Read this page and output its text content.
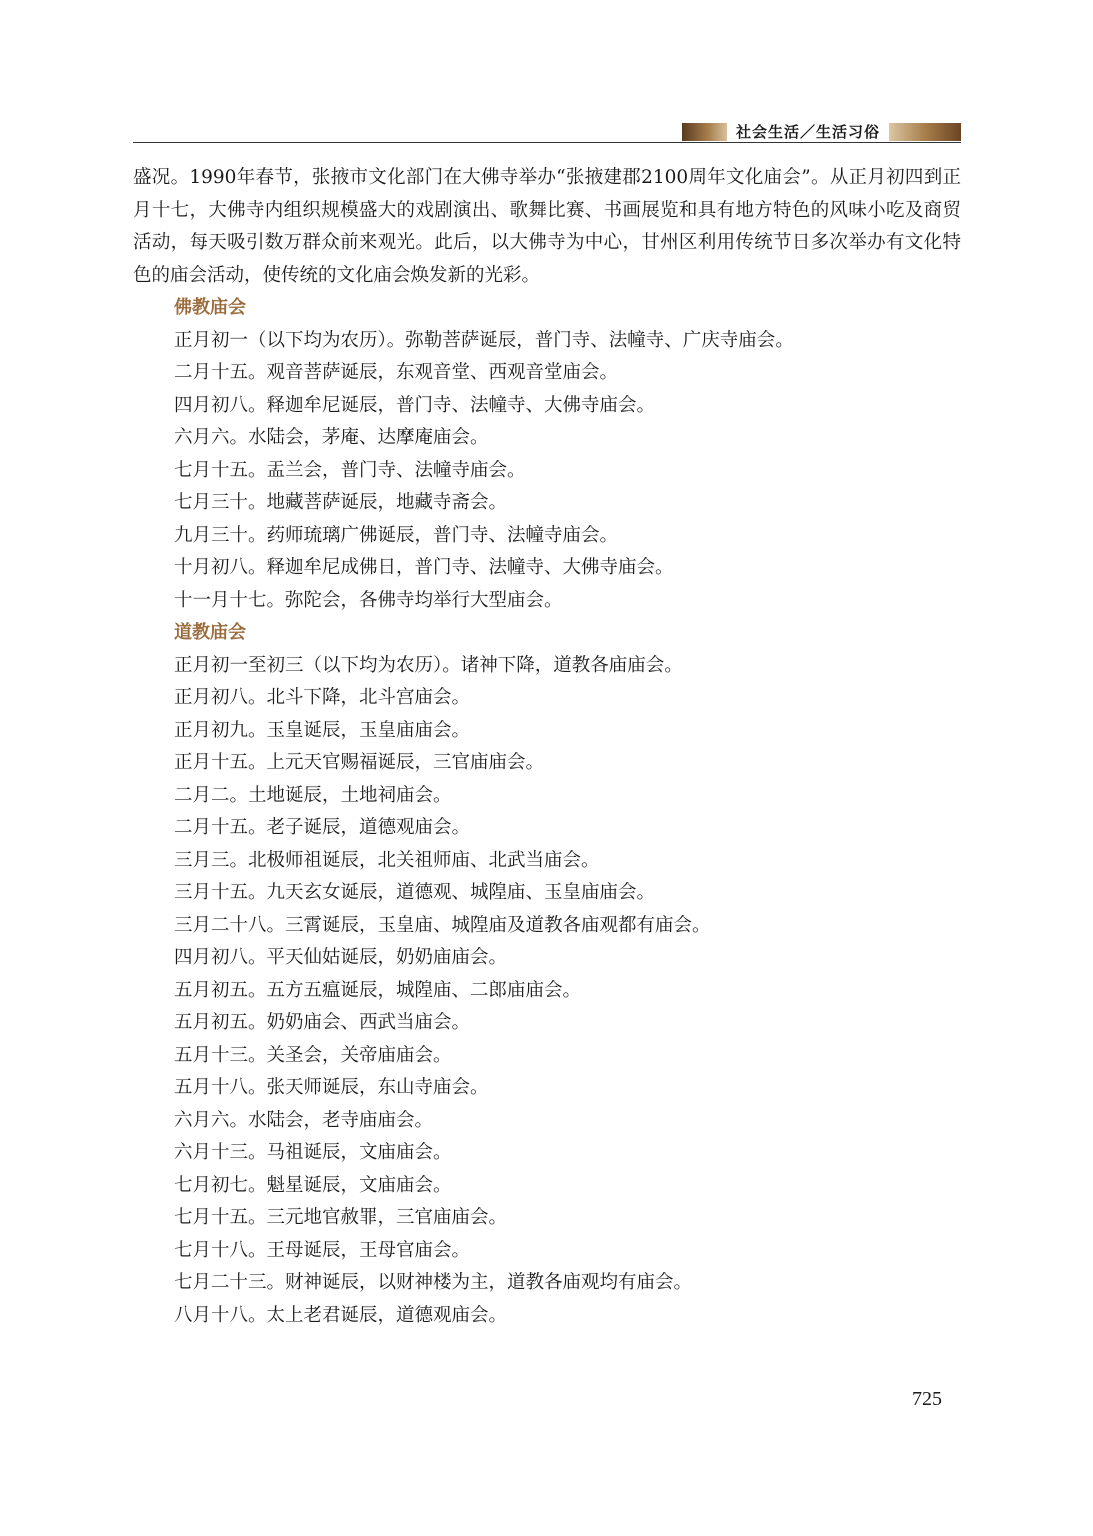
社会生活／生活习俗

盛况。1990年春节，张掖市文化部门在大佛寺举办“张掖建郡2100周年文化庙会”。从正月初四到正月十七，大佛寺内组织规模盛大的戏剧演出、歌舞比赛、书画展览和具有地方特色的风味小吃及商贸活动，每天吸引数万群众前来观光。此后，以大佛寺为中心，甘州区利用传统节日多次举办有文化特色的庙会活动，使传统的文化庙会焕发新的光彩。

佛教庙会
正月初一（以下均为农历）。弥勒菩萨诞辰，普门寺、法幢寺、广庆寺庙会。
二月十五。观音菩萨诞辰，东观音堂、西观音堂庙会。
四月初八。释迦牟尼诞辰，普门寺、法幢寺、大佛寺庙会。
六月六。水陆会，茅庵、达摩庵庙会。
七月十五。盂兰会，普门寺、法幢寺庙会。
七月三十。地藏菩萨诞辰，地藏寺斋会。
九月三十。药师琉璃广佛诞辰，普门寺、法幢寺庙会。
十月初八。释迦牟尼成佛日，普门寺、法幢寺、大佛寺庙会。
十一月十七。弥陀会，各佛寺均举行大型庙会。
道教庙会
正月初一至初三（以下均为农历）。诸神下降，道教各庙庙会。
正月初八。北斗下降，北斗宫庙会。
正月初九。玉皇诞辰，玉皇庙庙会。
正月十五。上元天官赐福诞辰，三官庙庙会。
二月二。土地诞辰，土地祠庙会。
二月十五。老子诞辰，道德观庙会。
三月三。北极师祖诞辰，北关祖师庙、北武当庙会。
三月十五。九天玄女诞辰，道德观、城隍庙、玉皇庙庙会。
三月二十八。三霄诞辰，玉皇庙、城隍庙及道教各庙观都有庙会。
四月初八。平天仙姑诞辰，奶奶庙庙会。
五月初五。五方五瘟诞辰，城隍庙、二郎庙庙会。
五月初五。奶奶庙会、西武当庙会。
五月十三。关圣会，关帝庙庙会。
五月十八。张天师诞辰，东山寺庙会。
六月六。水陆会，老寺庙庙会。
六月十三。马祖诞辰，文庙庙会。
七月初七。魁星诞辰，文庙庙会。
七月十五。三元地官赦罪，三官庙庙会。
七月十八。王母诞辰，王母官庙会。
七月二十三。财神诞辰，以财神楼为主，道教各庙观均有庙会。
八月十八。太上老君诞辰，道德观庙会。
725
